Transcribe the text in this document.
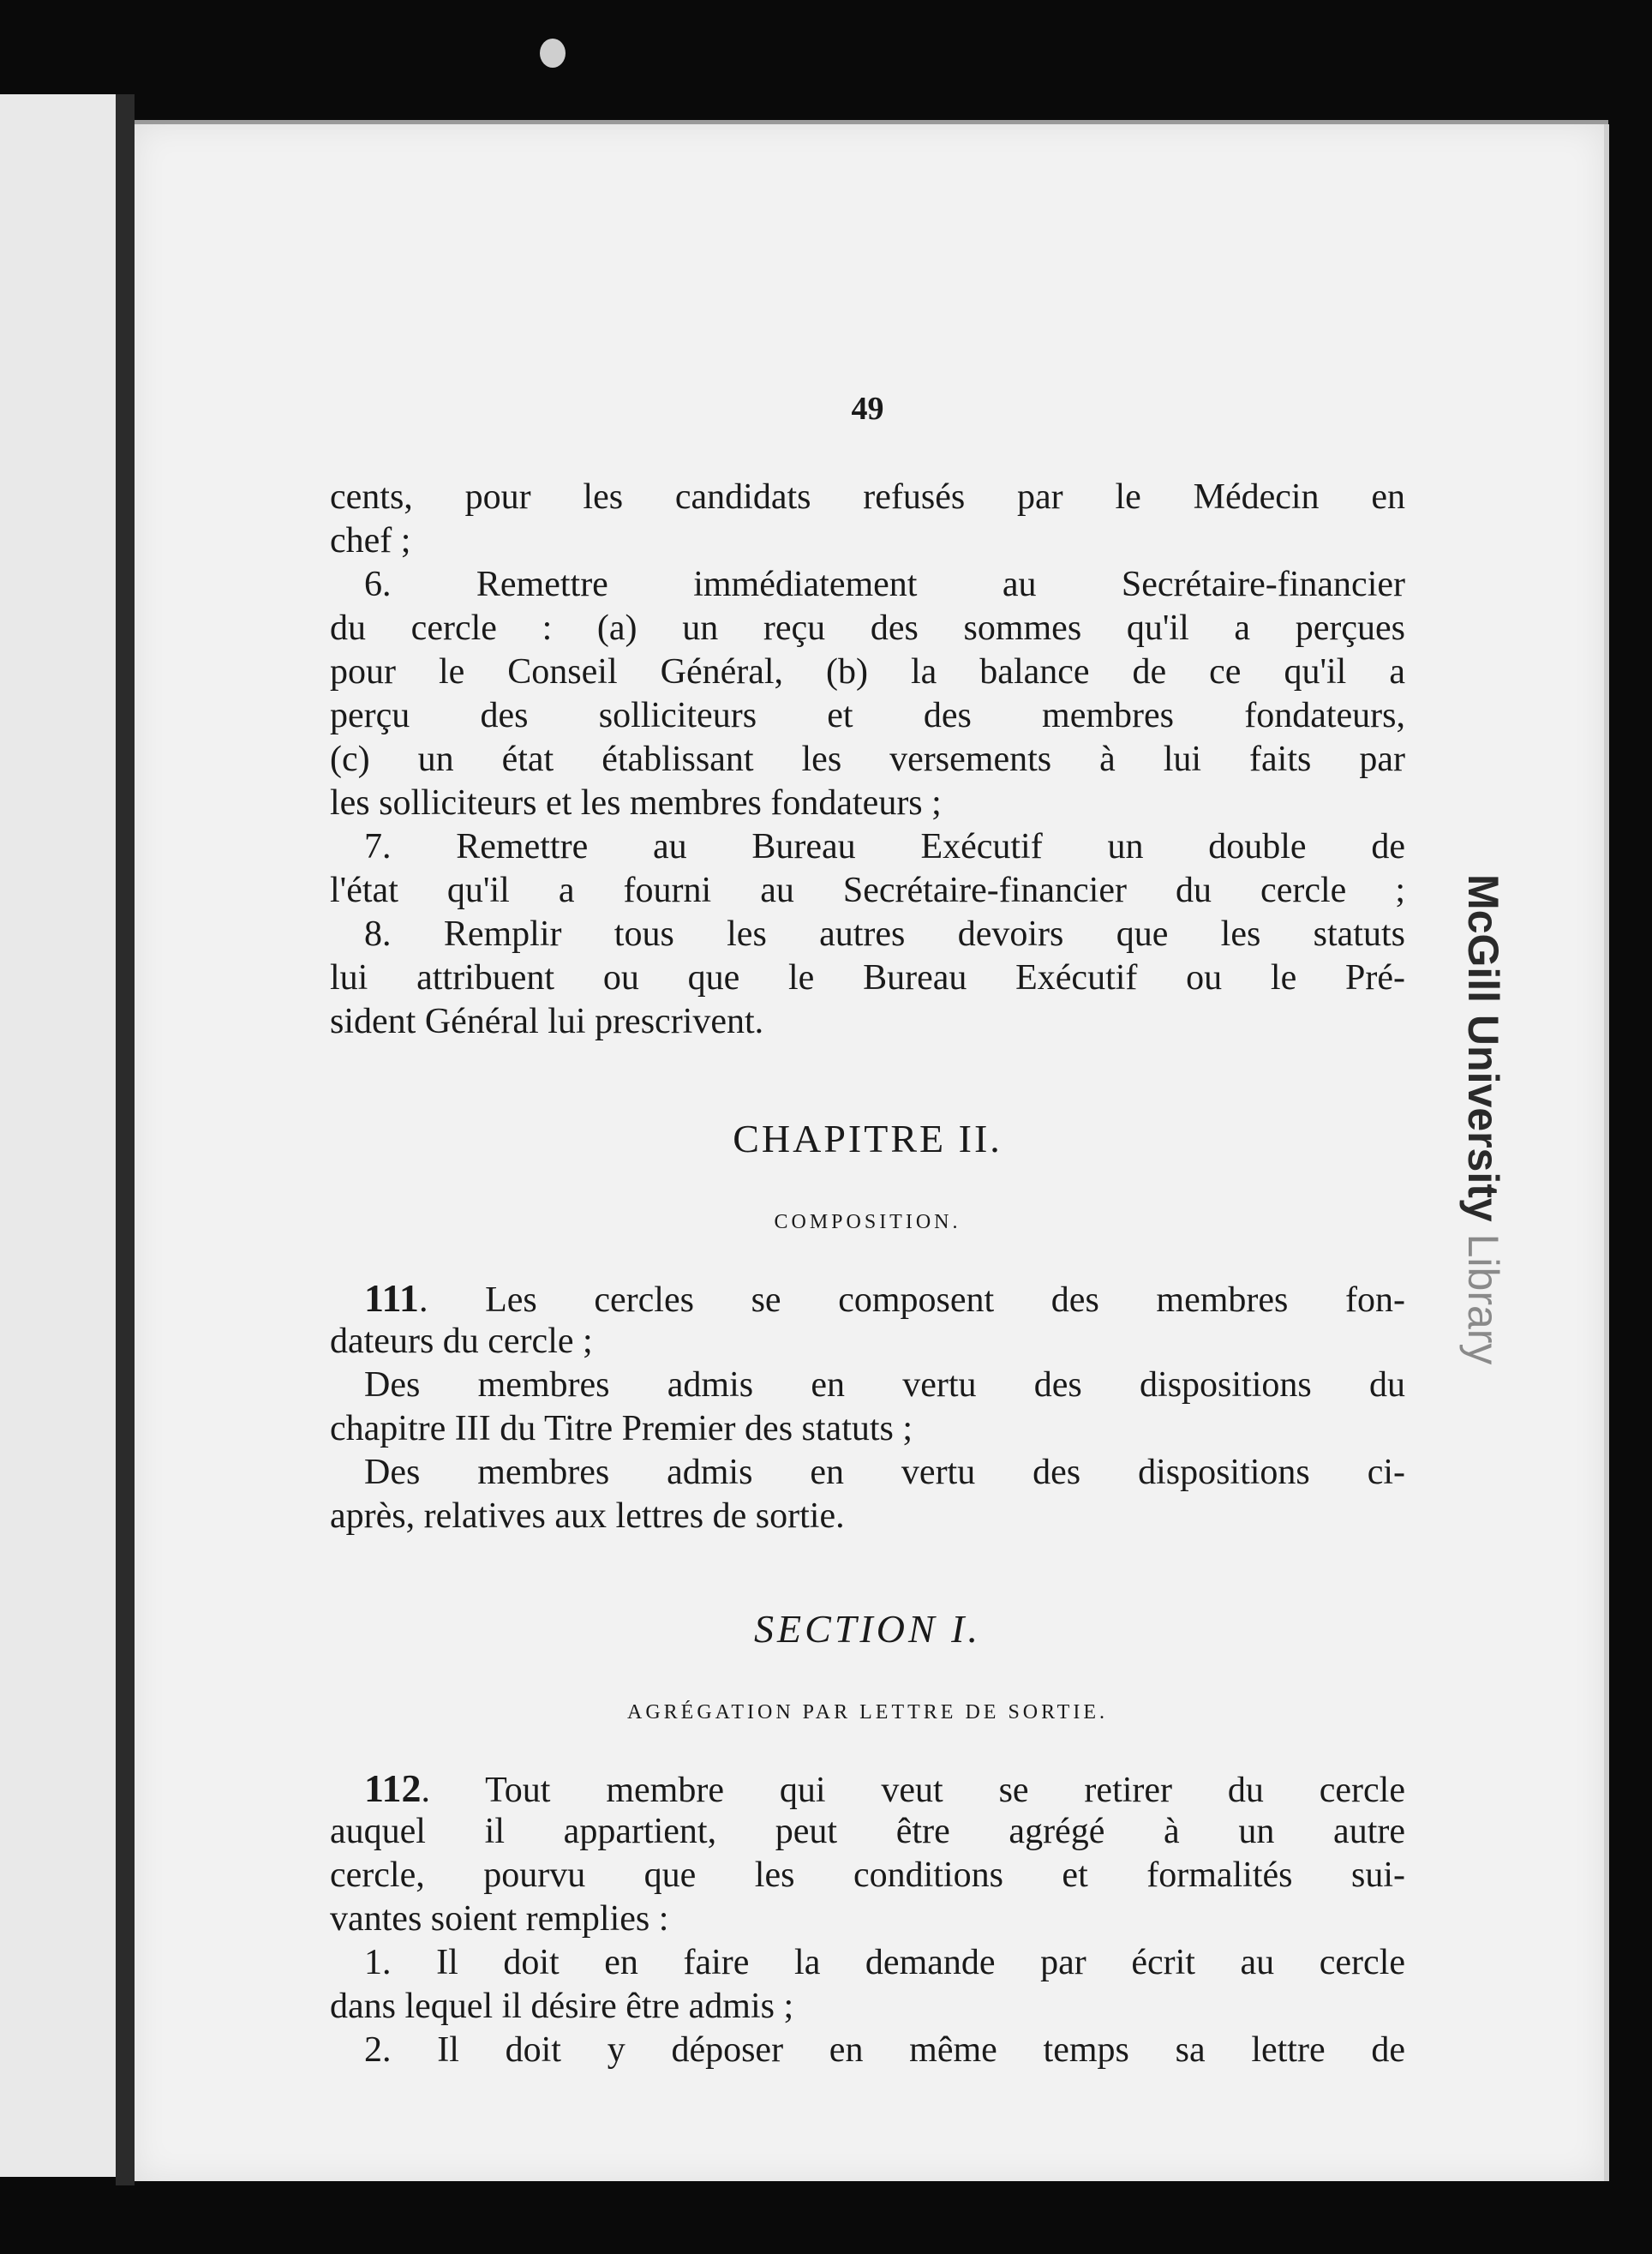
49
cents, pour les candidats refusés par le Médecin en
chef ;
6. Remettre immédiatement au Secrétaire-financier
du cercle : (a) un reçu des sommes qu'il a perçues
pour le Conseil Général, (b) la balance de ce qu'il a
perçu des solliciteurs et des membres fondateurs,
(c) un état établissant les versements à lui faits par
les solliciteurs et les membres fondateurs ;
7. Remettre au Bureau Exécutif un double de
l'état qu'il a fourni au Secrétaire-financier du cercle ;
8. Remplir tous les autres devoirs que les statuts
lui attribuent ou que le Bureau Exécutif ou le Pré-
sident Général lui prescrivent.
CHAPITRE II.
COMPOSITION.
111. Les cercles se composent des membres fon-
dateurs du cercle ;
Des membres admis en vertu des dispositions du
chapitre III du Titre Premier des statuts ;
Des membres admis en vertu des dispositions ci-
après, relatives aux lettres de sortie.
SECTION I.
AGRÉGATION PAR LETTRE DE SORTIE.
112. Tout membre qui veut se retirer du cercle
auquel il appartient, peut être agrégé à un autre
cercle, pourvu que les conditions et formalités sui-
vantes soient remplies :
1. Il doit en faire la demande par écrit au cercle
dans lequel il désire être admis ;
2. Il doit y déposer en même temps sa lettre de
McGill University Library
